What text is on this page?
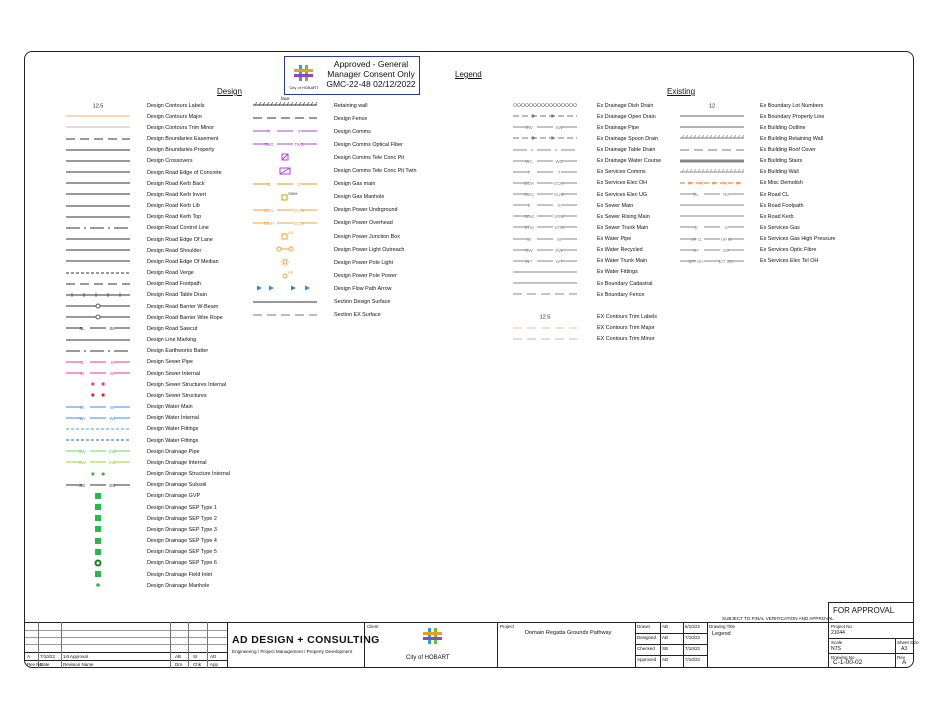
City of HOBART
Approved - General
Manager Consent Only
GMC-22-48 02/12/2022
Legend
Design	Existing
12.5	Design Contours Labels
Design Contours Major
Design Contours Trim Minor
Design Boundaries Easement
Design Boundaries Property
Design Crossovers
Design Road Edge of Concrete
Design Road Kerb Back
Design Road Kerb Invert
Design Road Kerb Lib
Design Road Kerb Top
Design Road Control Line
Design Road Edge Of Lane
Design Road Shoulder
Design Road Edge Of Median
Design Road Verge
Design Road Footpath
Design Road Table Drain
Design Road Barrier W-Beam
Design Road Barrier Wire Rope
SL	SL	Design Road Sawcut
Design Line Marking
Design Earthworks Batter
S	S	Design Sewer Pipe
SI	SI	Design Sewer Internal
Design Sewer Structures Internal
Design Sewer Structures
W	W	Design Water Main
WI	WI	Design Water Internal
Design Water Fittings
Design Water Fittings
SW	SW	Design Drainage Pipe
SW	SW	Design Drainage Internal
Design Drainage Structure Internal
SS	SS	Design Drainage Subsoil
Design Drainage GVP
Design Drainage SEP Type 1
Design Drainage SEP Type 2
Design Drainage SEP Type 3
Design Drainage SEP Type 4
Design Drainage SEP Type 5
Design Drainage SEP Type 6
Design Drainage Field Inlet
Design Drainage Manhole
face
Retaining wall
Design Fence
T	T	Design Comms
TXO	TXO	Design Comms Optical Fiber
Design Comms Tele Conc Pit
Design Comms Tele Conc Pit Twin
G	G	Design Gas main
GMH
Design Gas Manhole
EUG	EUG	Design Power Undrground
EOH	EOH	Design Power Overhead
LB
Design Power Junction Box
Design Power Light Outreach
Design Power Pole Light
PP	Design Power Pole Power
Design Flow Path Arrow
Section Design Surface
Section EX Surface
Ex Drainage Dish Drain
Ex Drainage Open Drain
SW	SW	Ex Drainage Pipe
Ex Drainage Spoon Drain
Ex Drainage Table Drain
WC	WC	Ex Drainage Water Course
T	T	Ex Services Comms
EOH	EOH	Ex Services Elec OH
EUG	EUG	Ex Services Elec UG
S	S	Ex Sewer Main
SRM	SRM	Ex Sewer Rising Main
STM	STM	Ex Sewer Trunk Main
W	W	Ex Water Pipe
RW	RW	Ex Water Recycled
WT	WT	Ex Water Trunk Main
Ex Water Fittings
Ex Boundary Cadastral
Ex Boundary Fence
12.5	EX Contours Trim Labels
EX Contours Trim Major
EX Contours Trim Minor
12	Ex Boundary Lot Numbers
Ex Boundary Property Line
Ex Building Outline
Ex Building Retaining Wall
Ex Building Roof Cover
Ex Building Stairs
Ex Building Wall
× × × × ×	Ex Misc Demolish
RL	RL	Ex Road CL
Ex Road Footpath
Ex Road Kerb
G	G	Ex Services Gas
HP G	HP G	Ex Services Gas High Pressure
OF	OF	Ex Services Optic Fibre
E/T OH	E/T OH	Ex Services Elec Tel OH
A 7/10/22 1st Approval	AB	SI	AD
Rev No
Date	Revision Name	Drn Chk App
AD DESIGN + CONSULTING
Engineering / Project Management / Property Development
Client
City of HOBART
Project
Domain Regatta Grounds Pathway
Drawn	AB	6/10/22
Designed AB	7/10/22
Checked SB	7/10/22
Approved AD	7/10/22
Drawing Title
Legend
SUBJECT TO FINAL VERIFICATION AND APPROVAL
FOR APPROVAL
Project No
21044
Scale
NTS
Sheet Size
A3
Drawing No
C-1-00-02
Rev
A
